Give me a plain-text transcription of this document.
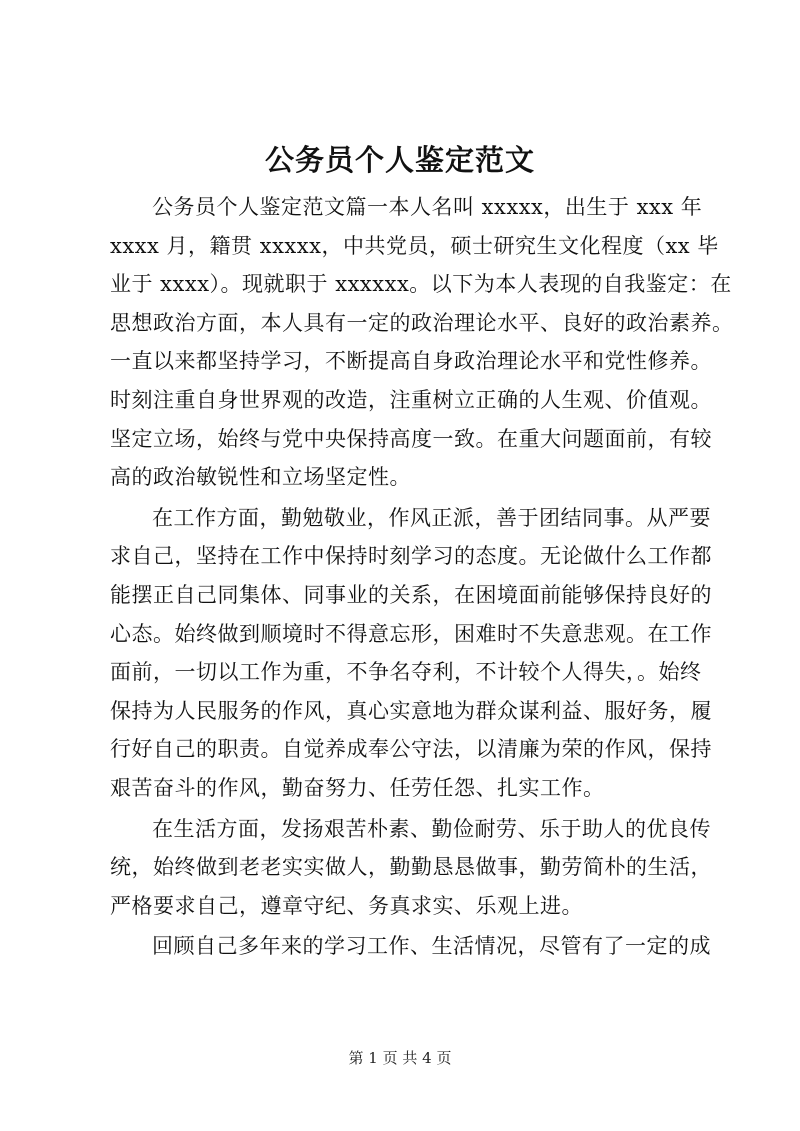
公务员个人鉴定范文
公务员个人鉴定范文篇一本人名叫 xxxxx，出生于 xxx 年
xxxx 月，籍贯 xxxxx，中共党员，硕士研究生文化程度（xx 毕
业于 xxxx）。现就职于 xxxxxx。以下为本人表现的自我鉴定：在
思想政治方面，本人具有一定的政治理论水平、良好的政治素养。
一直以来都坚持学习，不断提高自身政治理论水平和党性修养。
时刻注重自身世界观的改造，注重树立正确的人生观、价值观。
坚定立场，始终与党中央保持高度一致。在重大问题面前，有较
高的政治敏锐性和立场坚定性。
在工作方面，勤勉敬业，作风正派，善于团结同事。从严要
求自己，坚持在工作中保持时刻学习的态度。无论做什么工作都
能摆正自己同集体、同事业的关系，在困境面前能够保持良好的
心态。始终做到顺境时不得意忘形，困难时不失意悲观。在工作
面前，一切以工作为重，不争名夺利，不计较个人得失，。始终
保持为人民服务的作风，真心实意地为群众谋利益、服好务，履
行好自己的职责。自觉养成奉公守法，以清廉为荣的作风，保持
艰苦奋斗的作风，勤奋努力、任劳任怨、扎实工作。
在生活方面，发扬艰苦朴素、勤俭耐劳、乐于助人的优良传
统，始终做到老老实实做人，勤勤恳恳做事，勤劳简朴的生活，
严格要求自己，遵章守纪、务真求实、乐观上进。
回顾自己多年来的学习工作、生活情况，尽管有了一定的成
第 1 页 共 4 页
